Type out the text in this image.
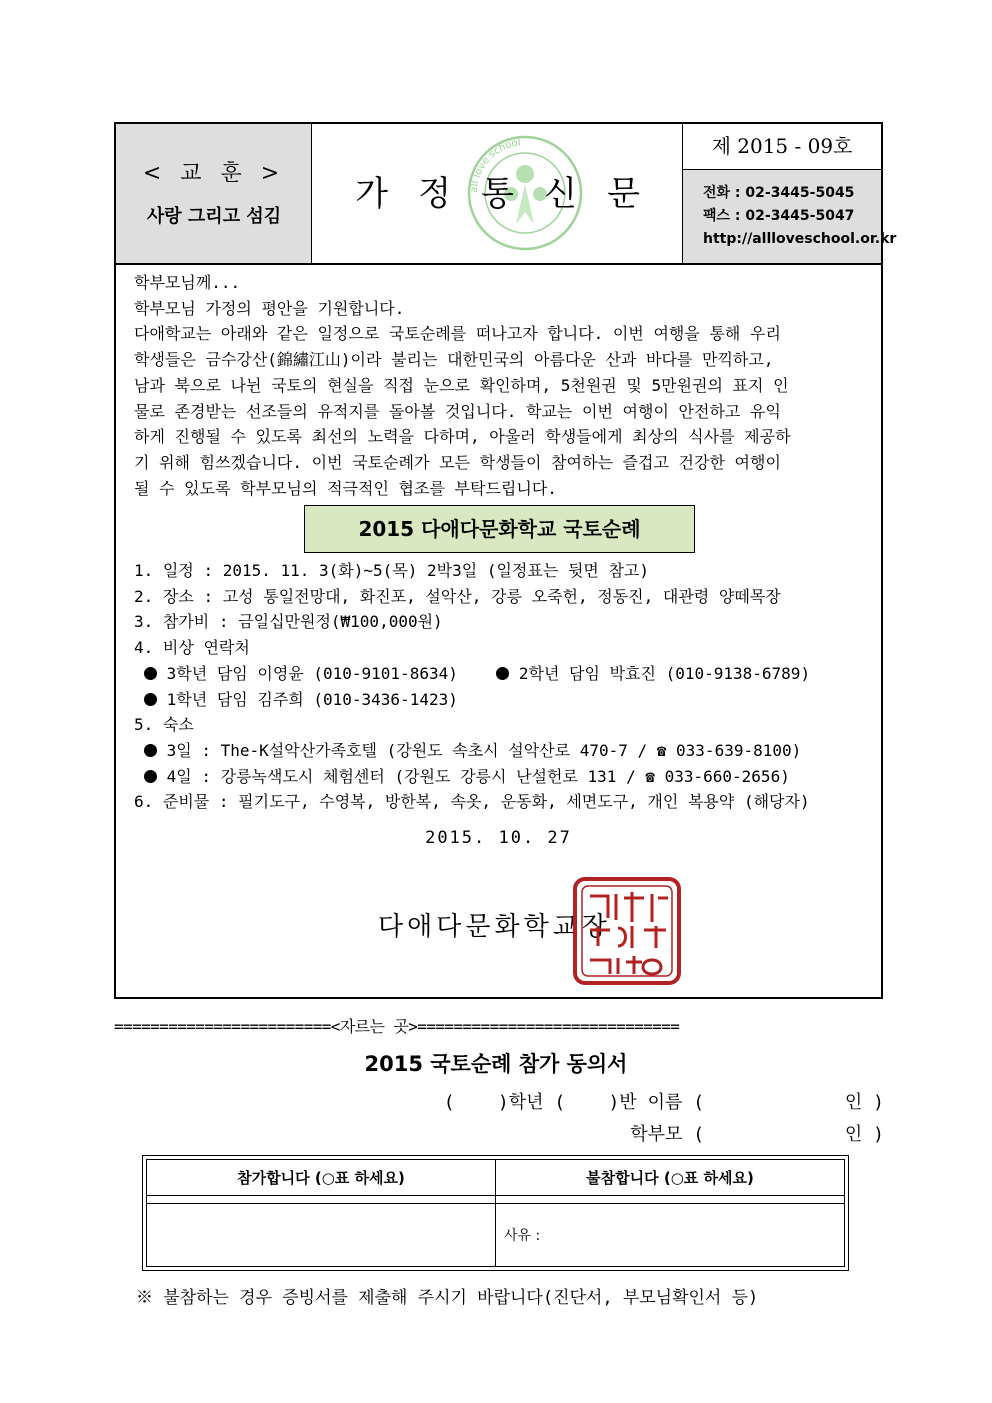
< 교 훈 >
사랑 그리고 섬김
all love school
가 정 통 신 문
제 2015 - 09호
전화 : 02-3445-5045
팩스 : 02-3445-5047
http://allloveschool.or.kr
학부모님께...
학부모님 가정의 평안을 기원합니다.
다애학교는 아래와 같은 일정으로 국토순례를 떠나고자 합니다. 이번 여행을 통해 우리
학생들은 금수강산(錦繡江山)이라 불리는 대한민국의 아름다운 산과 바다를 만끽하고,
남과 북으로 나뉜 국토의 현실을 직접 눈으로 확인하며, 5천원권 및 5만원권의 표지 인
물로 존경받는 선조들의 유적지를 돌아볼 것입니다. 학교는 이번 여행이 안전하고 유익
하게 진행될 수 있도록 최선의 노력을 다하며, 아울러 학생들에게 최상의 식사를 제공하
기 위해 힘쓰겠습니다. 이번 국토순례가 모든 학생들이 참여하는 즐겁고 건강한 여행이
될 수 있도록 학부모님의 적극적인 협조를 부탁드립니다.
2015 다애다문화학교 국토순례
1. 일정 : 2015. 11. 3(화)~5(목) 2박3일 (일정표는 뒷면 참고)
2. 장소 : 고성 통일전망대, 화진포, 설악산, 강릉 오죽헌, 정동진, 대관령 양떼목장
3. 참가비 : 금일십만원정(₩100,000원)
4. 비상 연락처
3학년 담임 이영윤 (010-9101-8634)	2학년 담임 박효진 (010-9138-6789)
1학년 담임 김주희 (010-3436-1423)
5. 숙소
3일 : The-K설악산가족호텔 (강원도 속초시 설악산로 470-7 / ☎ 033-639-8100)
4일 : 강릉녹색도시 체험센터 (강원도 강릉시 난설헌로 131 / ☎ 033-660-2656)
6. 준비물 : 필기도구, 수영복, 방한복, 속옷, 운동화, 세면도구, 개인 복용약 (해당자)
2015. 10. 27
다애다문화학교장
========================<자르는 곳>=============================
2015 국토순례 참가 동의서
(    )학년 (    )반 이름 (             인 )
학부모 (             인 )
참가합니다 (○표 하세요)	불참합니다 (○표 하세요)

	사유 :
※ 불참하는 경우 증빙서를 제출해 주시기 바랍니다(진단서, 부모님확인서 등)
